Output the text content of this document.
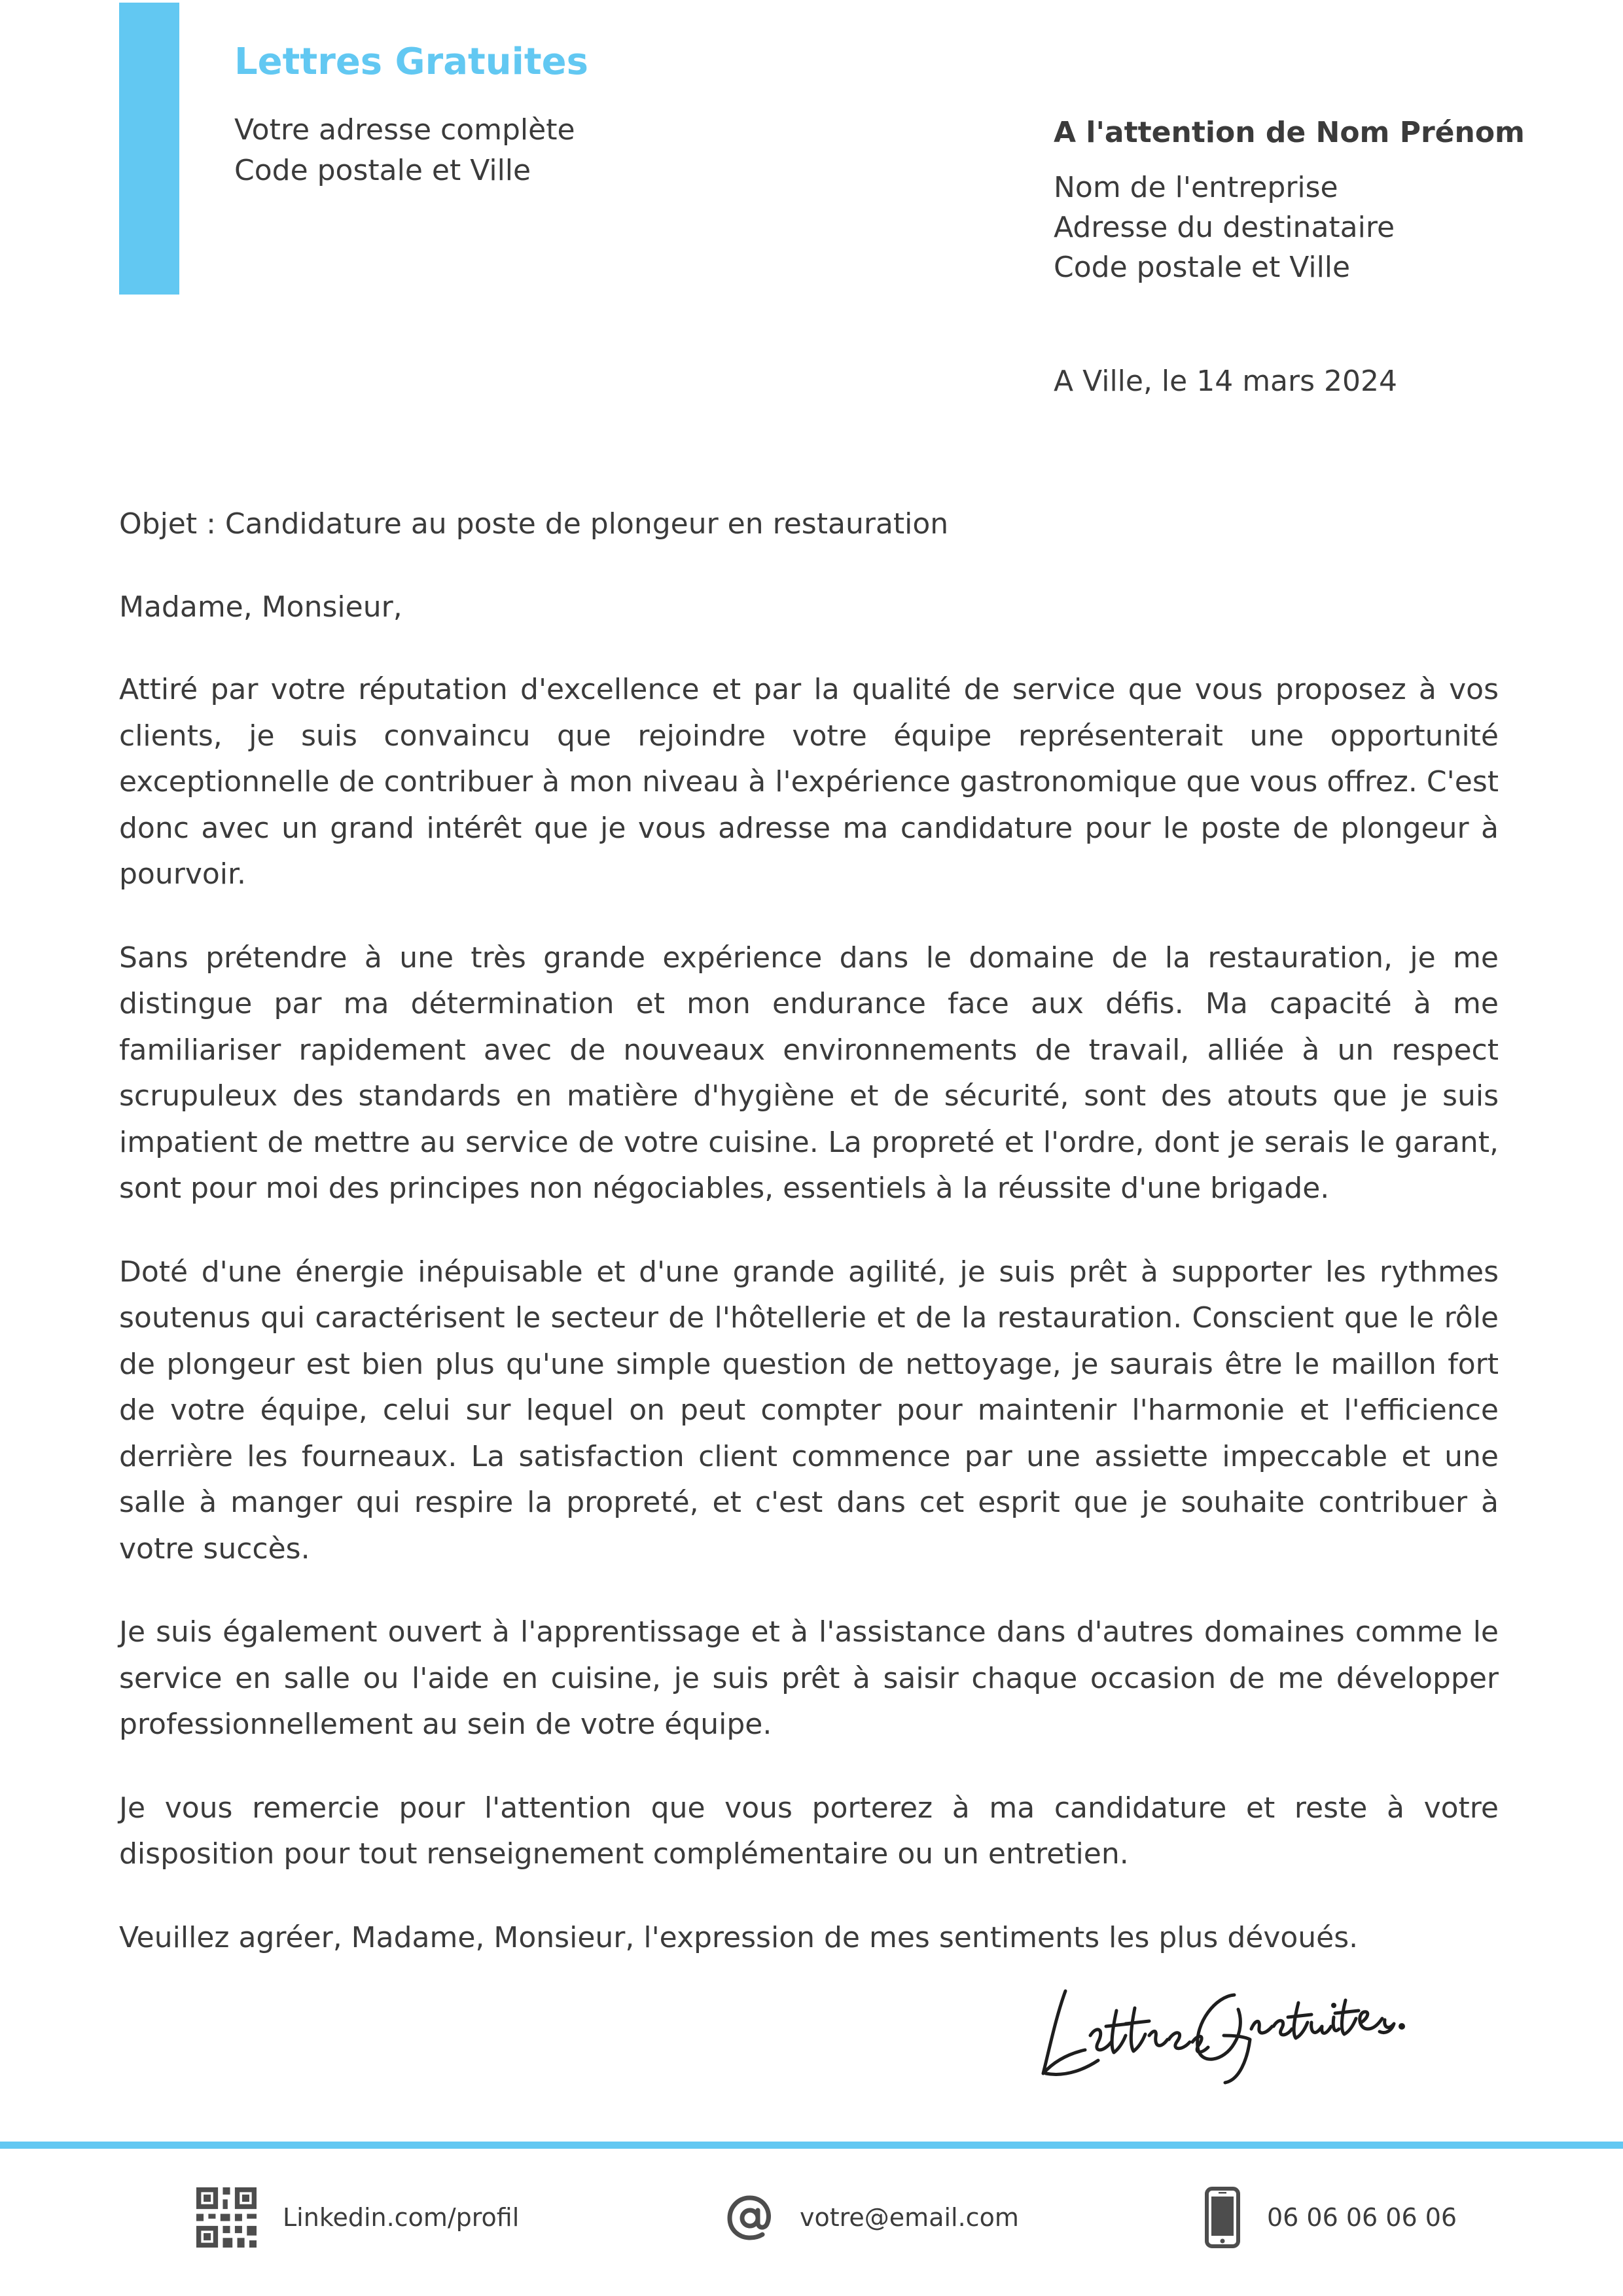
Lettres Gratuites
Votre adresse complète
Code postale et Ville
A l'attention de Nom Prénom
Nom de l'entreprise
Adresse du destinataire
Code postale et Ville
A Ville, le 14 mars 2024

Objet : Candidature au poste de plongeur en restauration

Madame, Monsieur,

Attiré par votre réputation d'excellence et par la qualité de service que vous proposez à vos clients, je suis convaincu que rejoindre votre équipe représenterait une opportunité exceptionnelle de contribuer à mon niveau à l'expérience gastronomique que vous offrez. C'est donc avec un grand intérêt que je vous adresse ma candidature pour le poste de plongeur à pourvoir.

Sans prétendre à une très grande expérience dans le domaine de la restauration, je me distingue par ma détermination et mon endurance face aux défis. Ma capacité à me familiariser rapidement avec de nouveaux environnements de travail, alliée à un respect scrupuleux des standards en matière d'hygiène et de sécurité, sont des atouts que je suis impatient de mettre au service de votre cuisine. La propreté et l'ordre, dont je serais le garant, sont pour moi des principes non négociables, essentiels à la réussite d'une brigade.

Doté d'une énergie inépuisable et d'une grande agilité, je suis prêt à supporter les rythmes soutenus qui caractérisent le secteur de l'hôtellerie et de la restauration. Conscient que le rôle de plongeur est bien plus qu'une simple question de nettoyage, je saurais être le maillon fort de votre équipe, celui sur lequel on peut compter pour maintenir l'harmonie et l'efficience derrière les fourneaux. La satisfaction client commence par une assiette impeccable et une salle à manger qui respire la propreté, et c'est dans cet esprit que je souhaite contribuer à votre succès.

Je suis également ouvert à l'apprentissage et à l'assistance dans d'autres domaines comme le service en salle ou l'aide en cuisine, je suis prêt à saisir chaque occasion de me développer professionnellement au sein de votre équipe.

Je vous remercie pour l'attention que vous porterez à ma candidature et reste à votre disposition pour tout renseignement complémentaire ou un entretien.

Veuillez agréer, Madame, Monsieur, l'expression de mes sentiments les plus dévoués.

Linkedin.com/profil	votre@email.com	06 06 06 06 06
